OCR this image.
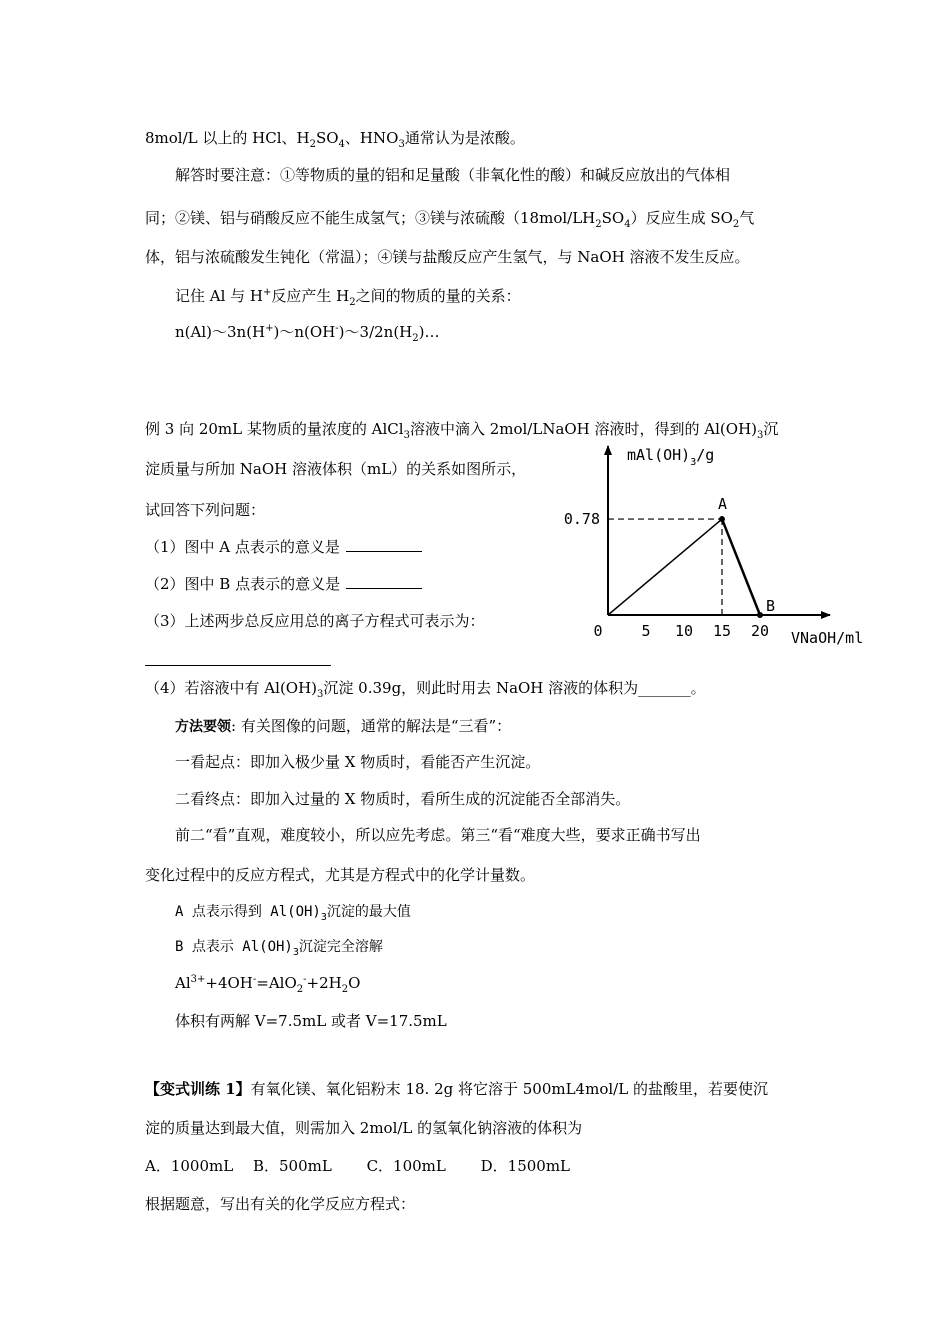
8mol/L 以上的 HCl、$H_2SO_4$、$HNO_3$通常认为是浓酸。
解答时要注意：①等物质的量的铝和足量酸（非氧化性的酸）和碱反应放出的气体相
同；②镁、铝与硝酸反应不能生成氢气；③镁与浓硫酸$(18mol/LH_2SO_4)$反应生成 $SO_2$气
体，铝与浓硫酸发生钝化（常温）；④镁与盐酸反应产生氢气，与 NaOH 溶液不发生反应。
记住 Al 与 H+反应产生 $H_2$之间的物质的量的关系：
$n(Al)\sim 3n(H^+)\sim n(OH^-)\sim 3/2n(H_2)\dots$
例 3 向 20mL 某物质的量浓度的 AlCl$_3$溶液中滴入 2mol/LNaOH 溶液时，得到的 $Al(OH)_3$沉
淀质量与所加 NaOH 溶液体积（mL）的关系如图所示，
试回答下列问题：
（1）图中 A 点表示的意义是
（2）图中 B 点表示的意义是
（3）上述两步总反应用总的离子方程式可表示为：
（4）若溶液中有 $Al(OH)_3$沉淀 0.39g，则此时用去 NaOH 溶液的体积为_______。
$mAl(OH)_3/g$
VNaOH/ml
0.78
0	5 10 15 20
A
B
方法要领: 有关图像的问题，通常的解法是“三看”：
一看起点：即加入极少量 X 物质时，看能否产生沉淀。
二看终点：即加入过量的 X 物质时，看所生成的沉淀能否全部消失。
前二“看”直观，难度较小，所以应先考虑。第三“看“难度大些，要求正确书写出
变化过程中的反应方程式，尤其是方程式中的化学计量数。
A 点表示得到 $Al(OH)_3$沉淀的最大值
B 点表示 $Al(OH)_3$沉淀完全溶解
$Al^{3+}+4OH^-=AlO_2^-+2H_2O$
体积有两解 V=7.5mL 或者 V=17.5mL
【变式训练 1】有氧化镁、氧化铝粉末 18. 2g 将它溶于 500mL4mol/L 的盐酸里，若要使沉
淀的质量达到最大值，则需加入 2mol/L 的氢氧化钠溶液的体积为
A．1000mL　 B．500mL　 　C．100mL　 　D．1500mL
根据题意，写出有关的化学反应方程式：
